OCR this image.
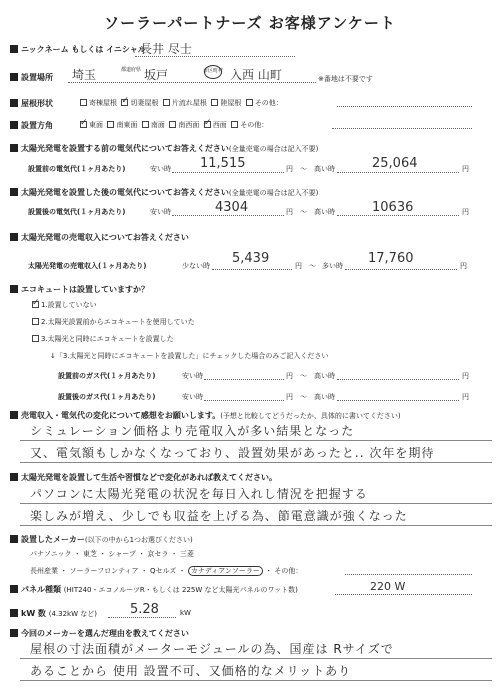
ソーラーパートナーズ お客様アンケート
ニックネーム もしくは イニシャル
長井 尽士
設置場所 埼玉	都道府県 坂戸	市区町村 入西 山町	※番地は不要です
屋根形状	寄棟屋根 ✓ 切妻屋根 片流れ屋根 陸屋根 その他：
設置方角 ✓	東面 南東面 南面 南西面 ✓ 西面 その他：
太陽光発電を設置する前の電気代についてお答えください(全量売電の場合は記入不要)
設置前の電気代(１ヶ月あたり)	安い時 11,515	円 〜 高い時	25,064	円
太陽光発電を設置した後の電気代についてお答えください(全量売電の場合は記入不要)
設置後の電気代(１ヶ月あたり)	安い時	4304	円 〜 高い時	10636	円
太陽光発電の売電収入についてお答えください
太陽光発電の売電収入(１ヶ月あたり)	少ない時 5,439	円 〜 多い時 17,760	円
エコキュートは設置していますか？
✓1.設置していない
2.太陽光設置前からエコキュートを使用していた
3.太陽光と同時にエコキュートを設置した
↓「3.太陽光と同時にエコキュートを設置した」にチェックした場合のみご記入ください
設置前のガス代(１ヶ月あたり)	安い時	円 〜 高い時	円
設置後のガス代(１ヶ月あたり)	安い時	円 〜 高い時	円
売電収入・電気代の変化について感想をお願いします。(予想と比較してどうだったか、具体的に書いてください)
シミュレーション価格より売電収入が多い結果となった
又、電気額もしかなくなっており、設置効果があったと.. 次年を期待
太陽光発電を設置して生活や習慣などで変化があれば教えてください。
パソコンに太陽光発電の状況を毎日入れし情況を把握する
楽しみが増え、少しでも収益を上げる為、節電意識が強くなった
設置したメーカー(以下の中から1つお選びください)
パナソニック ・ 東芝 ・ シャープ ・ 京セラ ・ 三菱
長州産業 ・ ソーラーフロンティア ・ Qセルズ ・ カナディアンソーラー ・ その他：
パネル種類 (HIT240・エコノルーツR・もしくは 225W など太陽光パネルのワット数)	220 W
kW 数 (4.32kW など)	5.28	kW
今回のメーカーを選んだ理由を教えてください
屋根の寸法面積がメーターモジュールの為、国産は Rサイズで
あることから 使用 設置不可、又価格的なメリットあり
